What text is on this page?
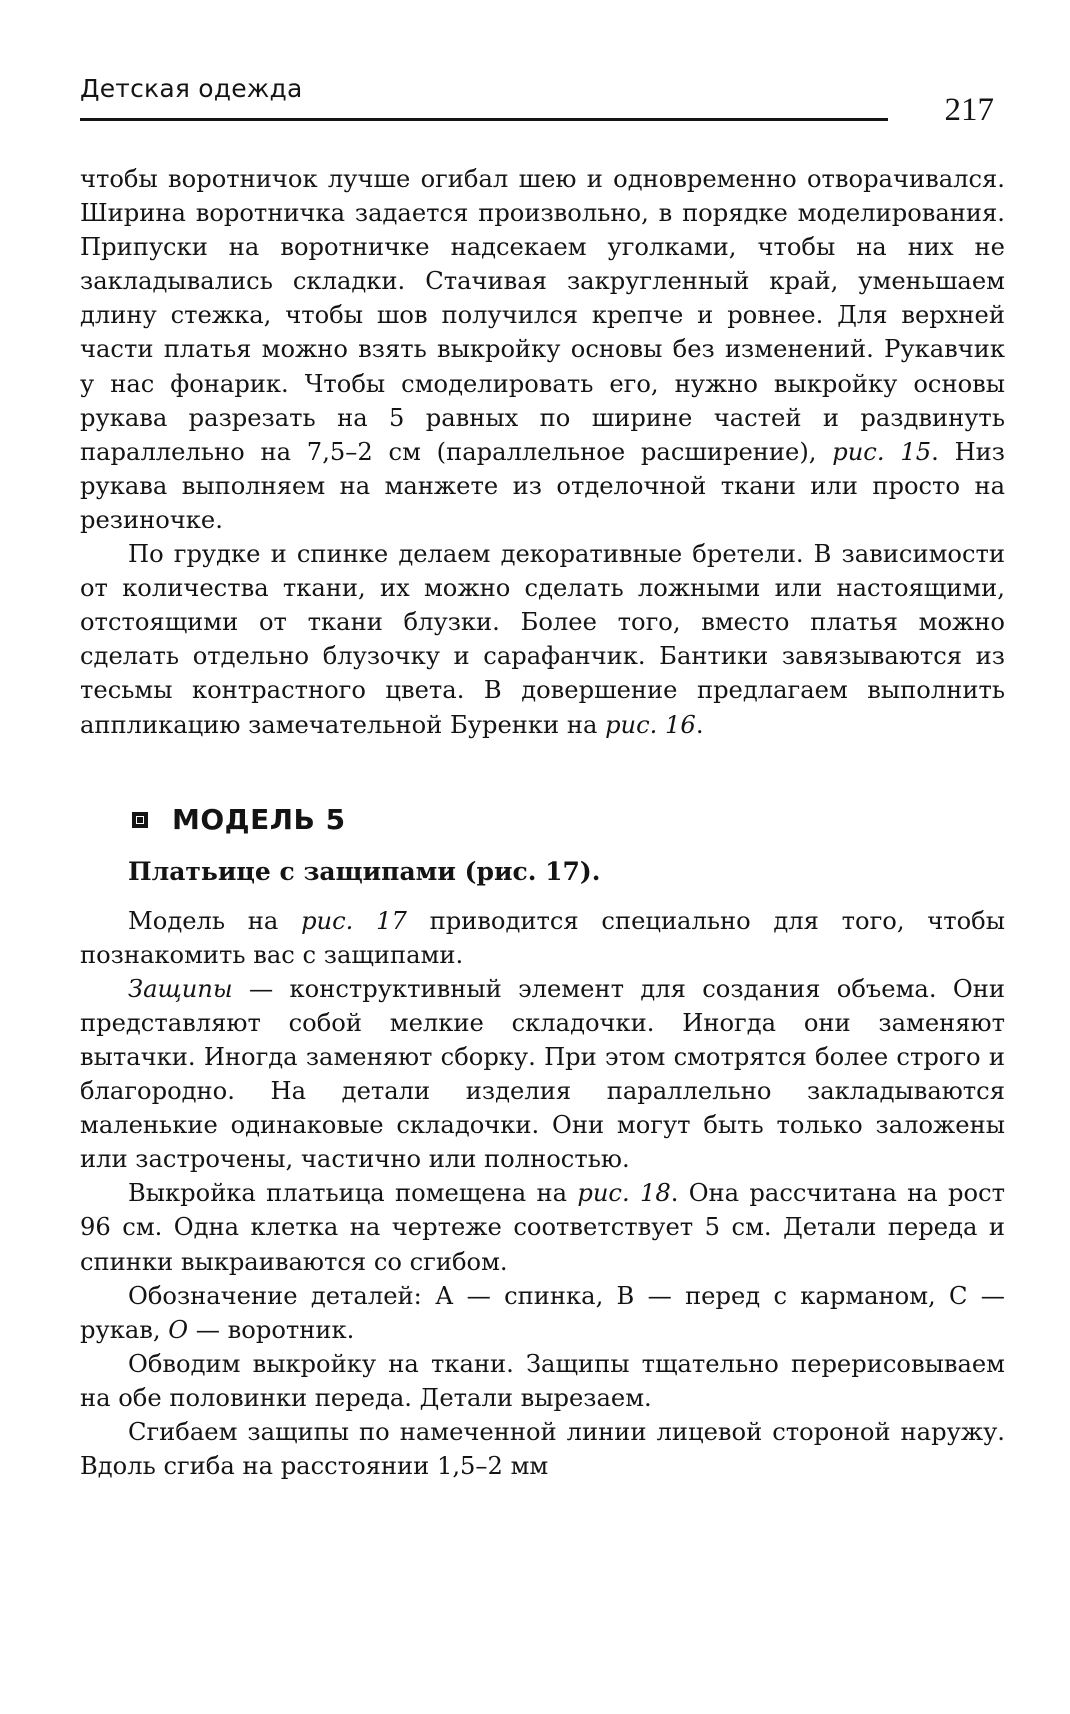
Детская одежда
217

чтобы воротничок лучше огибал шею и одновременно отворачивался. Ширина воротничка задается произвольно, в порядке моделирования. Припуски на воротничке надсекаем уголками, чтобы на них не закладывались складки. Стачивая закругленный край, уменьшаем длину стежка, чтобы шов получился крепче и ровнее. Для верхней части платья можно взять выкройку основы без изменений. Рукавчик у нас фонарик. Чтобы смоделировать его, нужно выкройку основы рукава разрезать на 5 равных по ширине частей и раздвинуть параллельно на 7,5–2 см (параллельное расширение), рис. 15. Низ рукава выполняем на манжете из отделочной ткани или просто на резиночке.

По грудке и спинке делаем декоративные бретели. В зависимости от количества ткани, их можно сделать ложными или настоящими, отстоящими от ткани блузки. Более того, вместо платья можно сделать отдельно блузочку и сарафанчик. Бантики завязываются из тесьмы контрастного цвета. В довершение предлагаем выполнить аппликацию замечательной Буренки на рис. 16.

МОДЕЛЬ 5
Платьице с защипами (рис. 17).

Модель на рис. 17 приводится специально для того, чтобы познакомить вас с защипами.

Защипы — конструктивный элемент для создания объема. Они представляют собой мелкие складочки. Иногда они заменяют вытачки. Иногда заменяют сборку. При этом смотрятся более строго и благородно. На детали изделия параллельно закладываются маленькие одинаковые складочки. Они могут быть только заложены или застрочены, частично или полностью.

Выкройка платьица помещена на рис. 18. Она рассчитана на рост 96 см. Одна клетка на чертеже соответствует 5 см. Детали переда и спинки выкраиваются со сгибом.

Обозначение деталей: А — спинка, В — перед с карманом, С — рукав, О — воротник.

Обводим выкройку на ткани. Защипы тщательно перерисовываем на обе половинки переда. Детали вырезаем.

Сгибаем защипы по намеченной линии лицевой стороной наружу. Вдоль сгиба на расстоянии 1,5–2 мм
